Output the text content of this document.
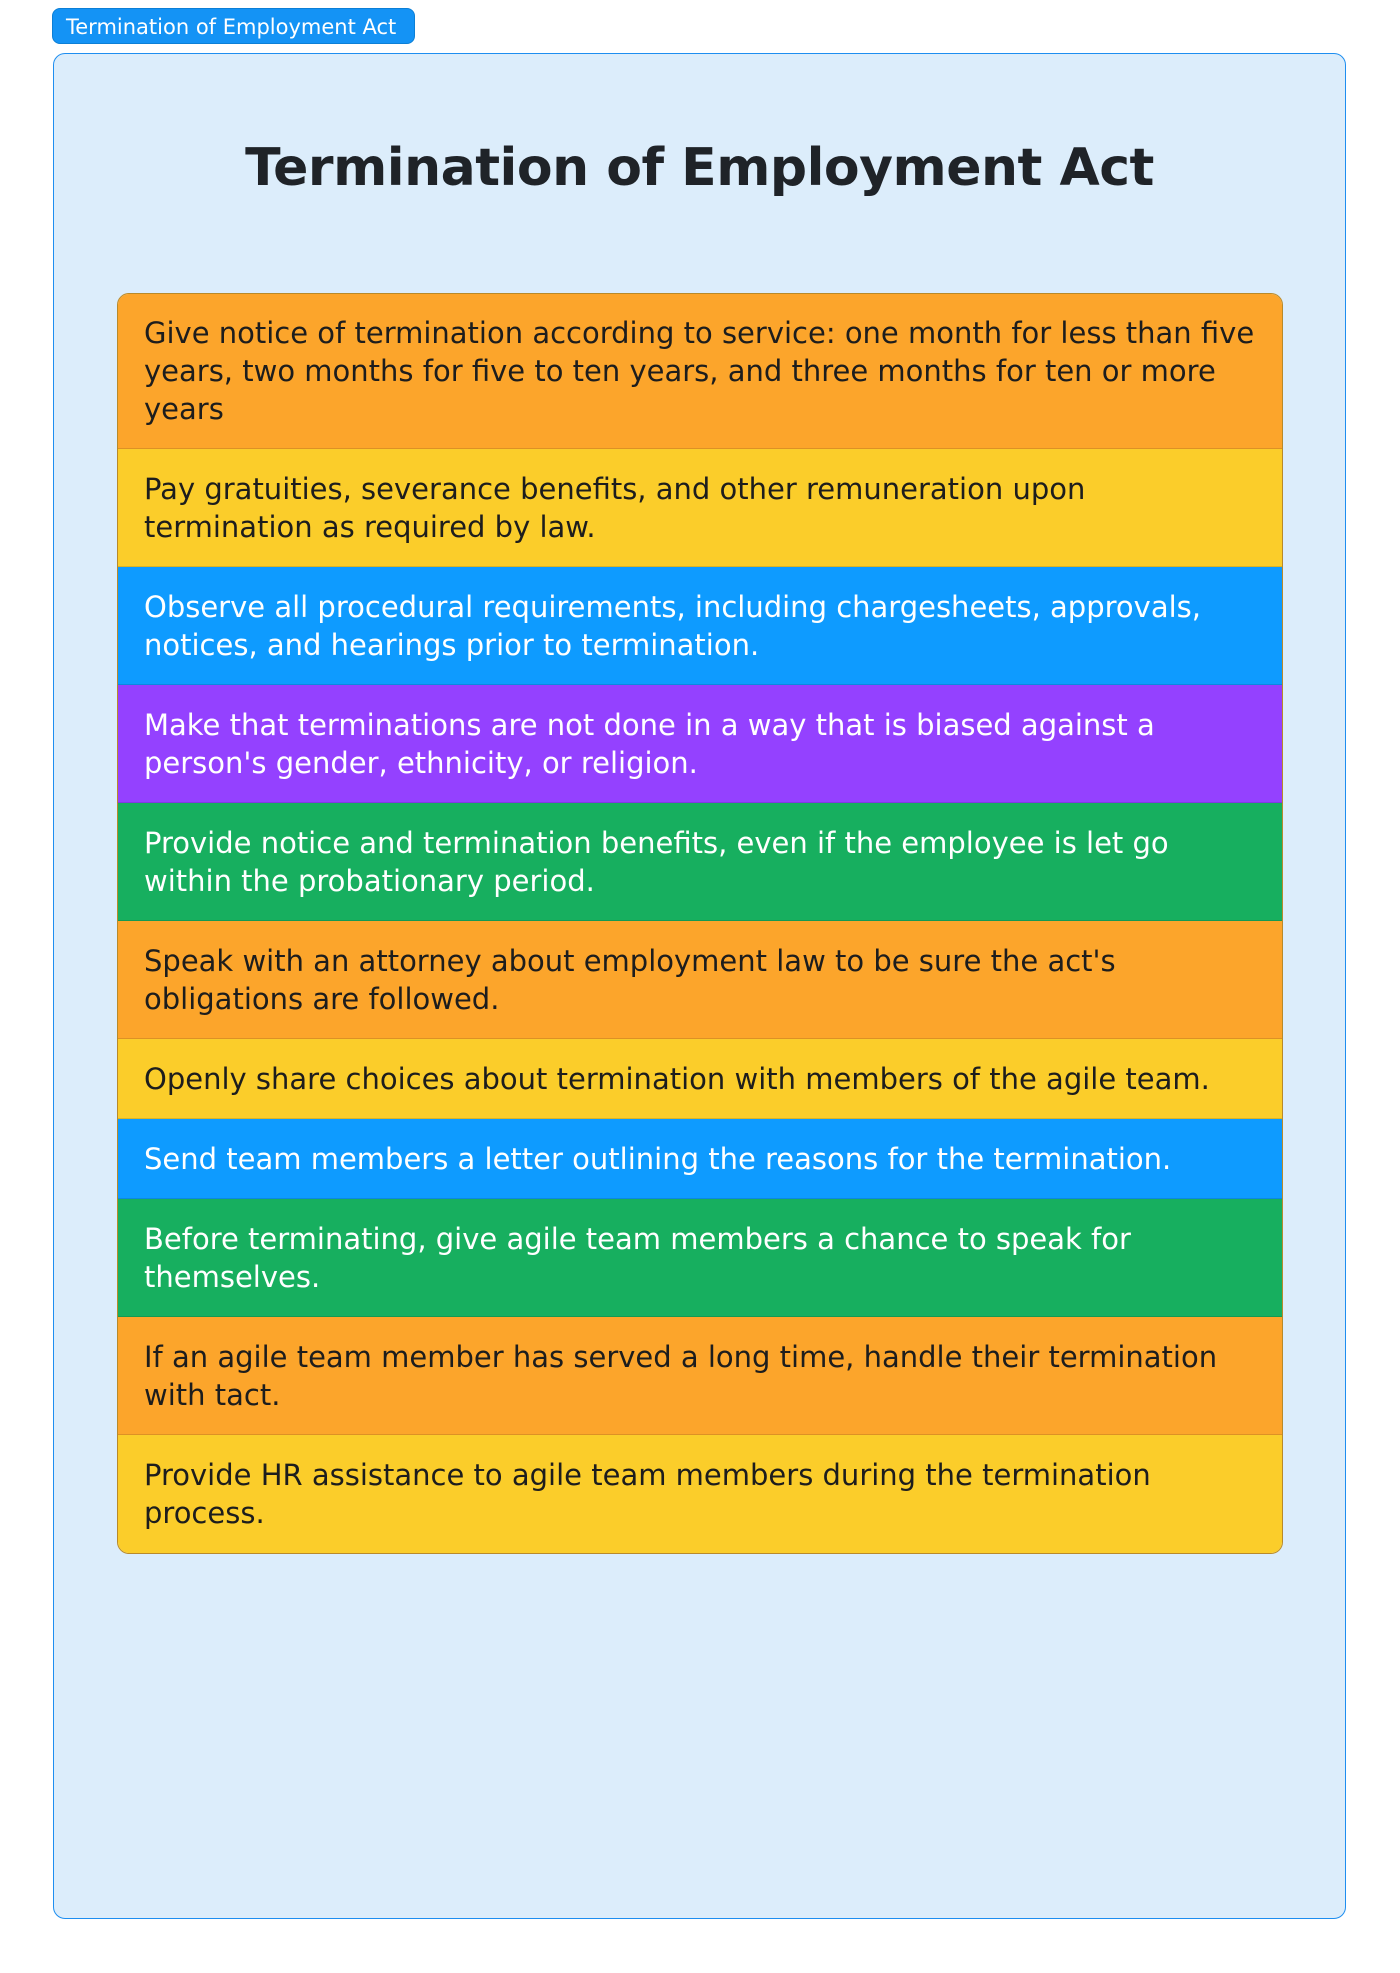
Termination of Employment Act
Termination of Employment Act
Give notice of termination according to service: one month for less than five years, two months for five to ten years, and three months for ten or more years
Pay gratuities, severance benefits, and other remuneration upon termination as required by law.
Observe all procedural requirements, including chargesheets, approvals, notices, and hearings prior to termination.
Make that terminations are not done in a way that is biased against a person's gender, ethnicity, or religion.
Provide notice and termination benefits, even if the employee is let go within the probationary period.
Speak with an attorney about employment law to be sure the act's obligations are followed.
Openly share choices about termination with members of the agile team.
Send team members a letter outlining the reasons for the termination.
Before terminating, give agile team members a chance to speak for themselves.
If an agile team member has served a long time, handle their termination with tact.
Provide HR assistance to agile team members during the termination process.
